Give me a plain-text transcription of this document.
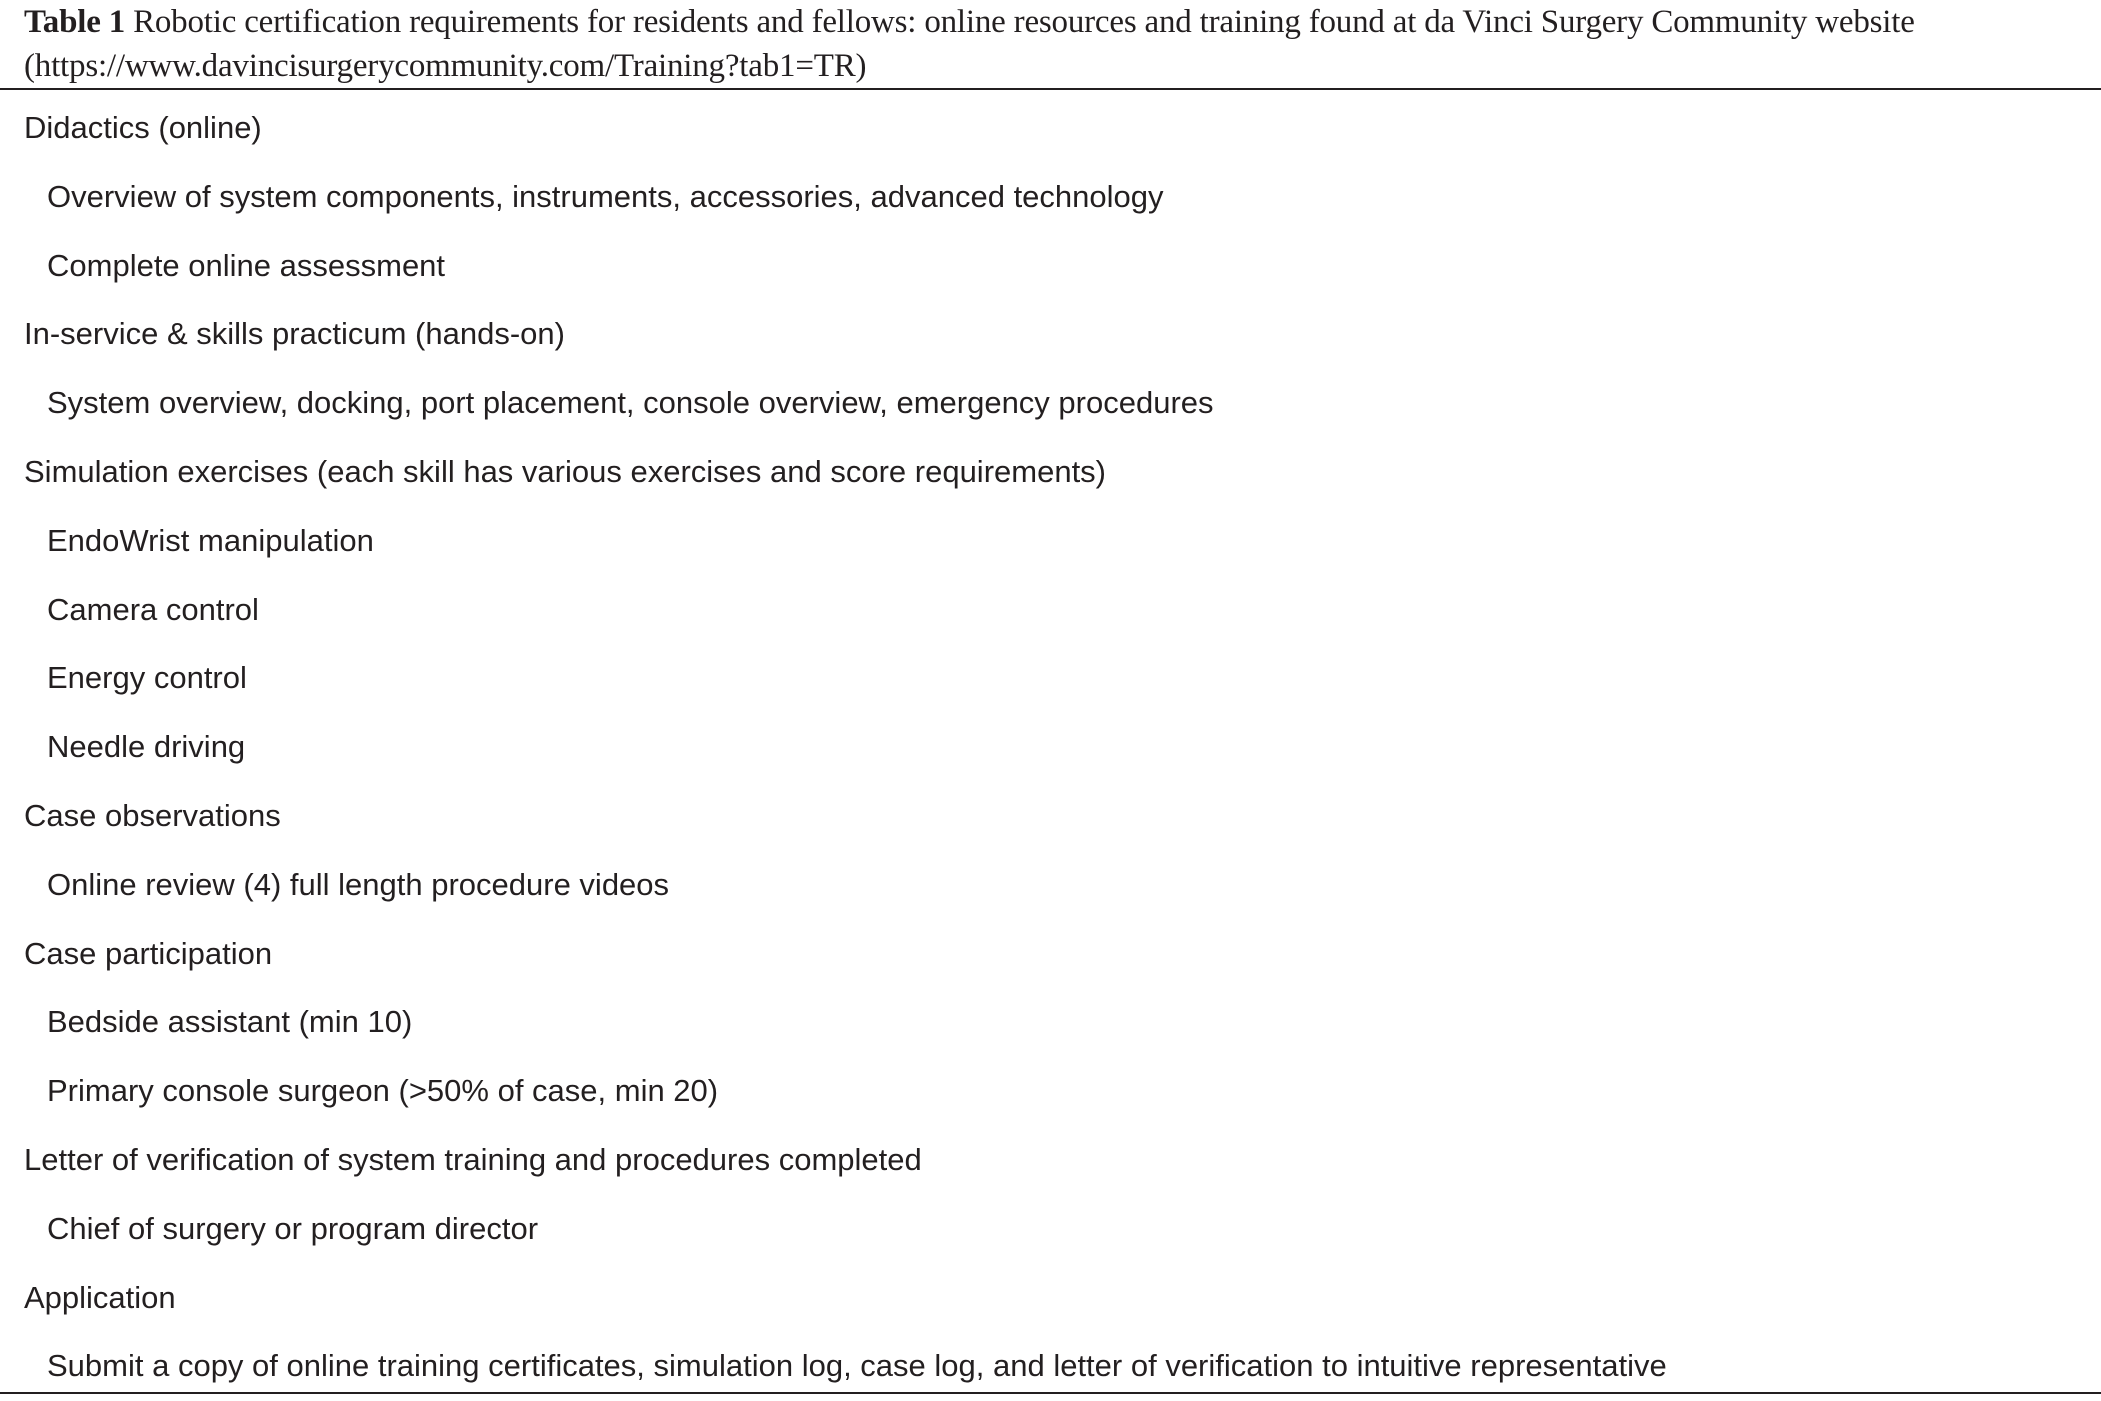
Table 1 Robotic certification requirements for residents and fellows: online resources and training found at da Vinci Surgery Community website (https://www.davincisurgerycommunity.com/Training?tab1=TR)
Didactics (online)
Overview of system components, instruments, accessories, advanced technology
Complete online assessment
In-service & skills practicum (hands-on)
System overview, docking, port placement, console overview, emergency procedures
Simulation exercises (each skill has various exercises and score requirements)
EndoWrist manipulation
Camera control
Energy control
Needle driving
Case observations
Online review (4) full length procedure videos
Case participation
Bedside assistant (min 10)
Primary console surgeon (>50% of case, min 20)
Letter of verification of system training and procedures completed
Chief of surgery or program director
Application
Submit a copy of online training certificates, simulation log, case log, and letter of verification to intuitive representative
